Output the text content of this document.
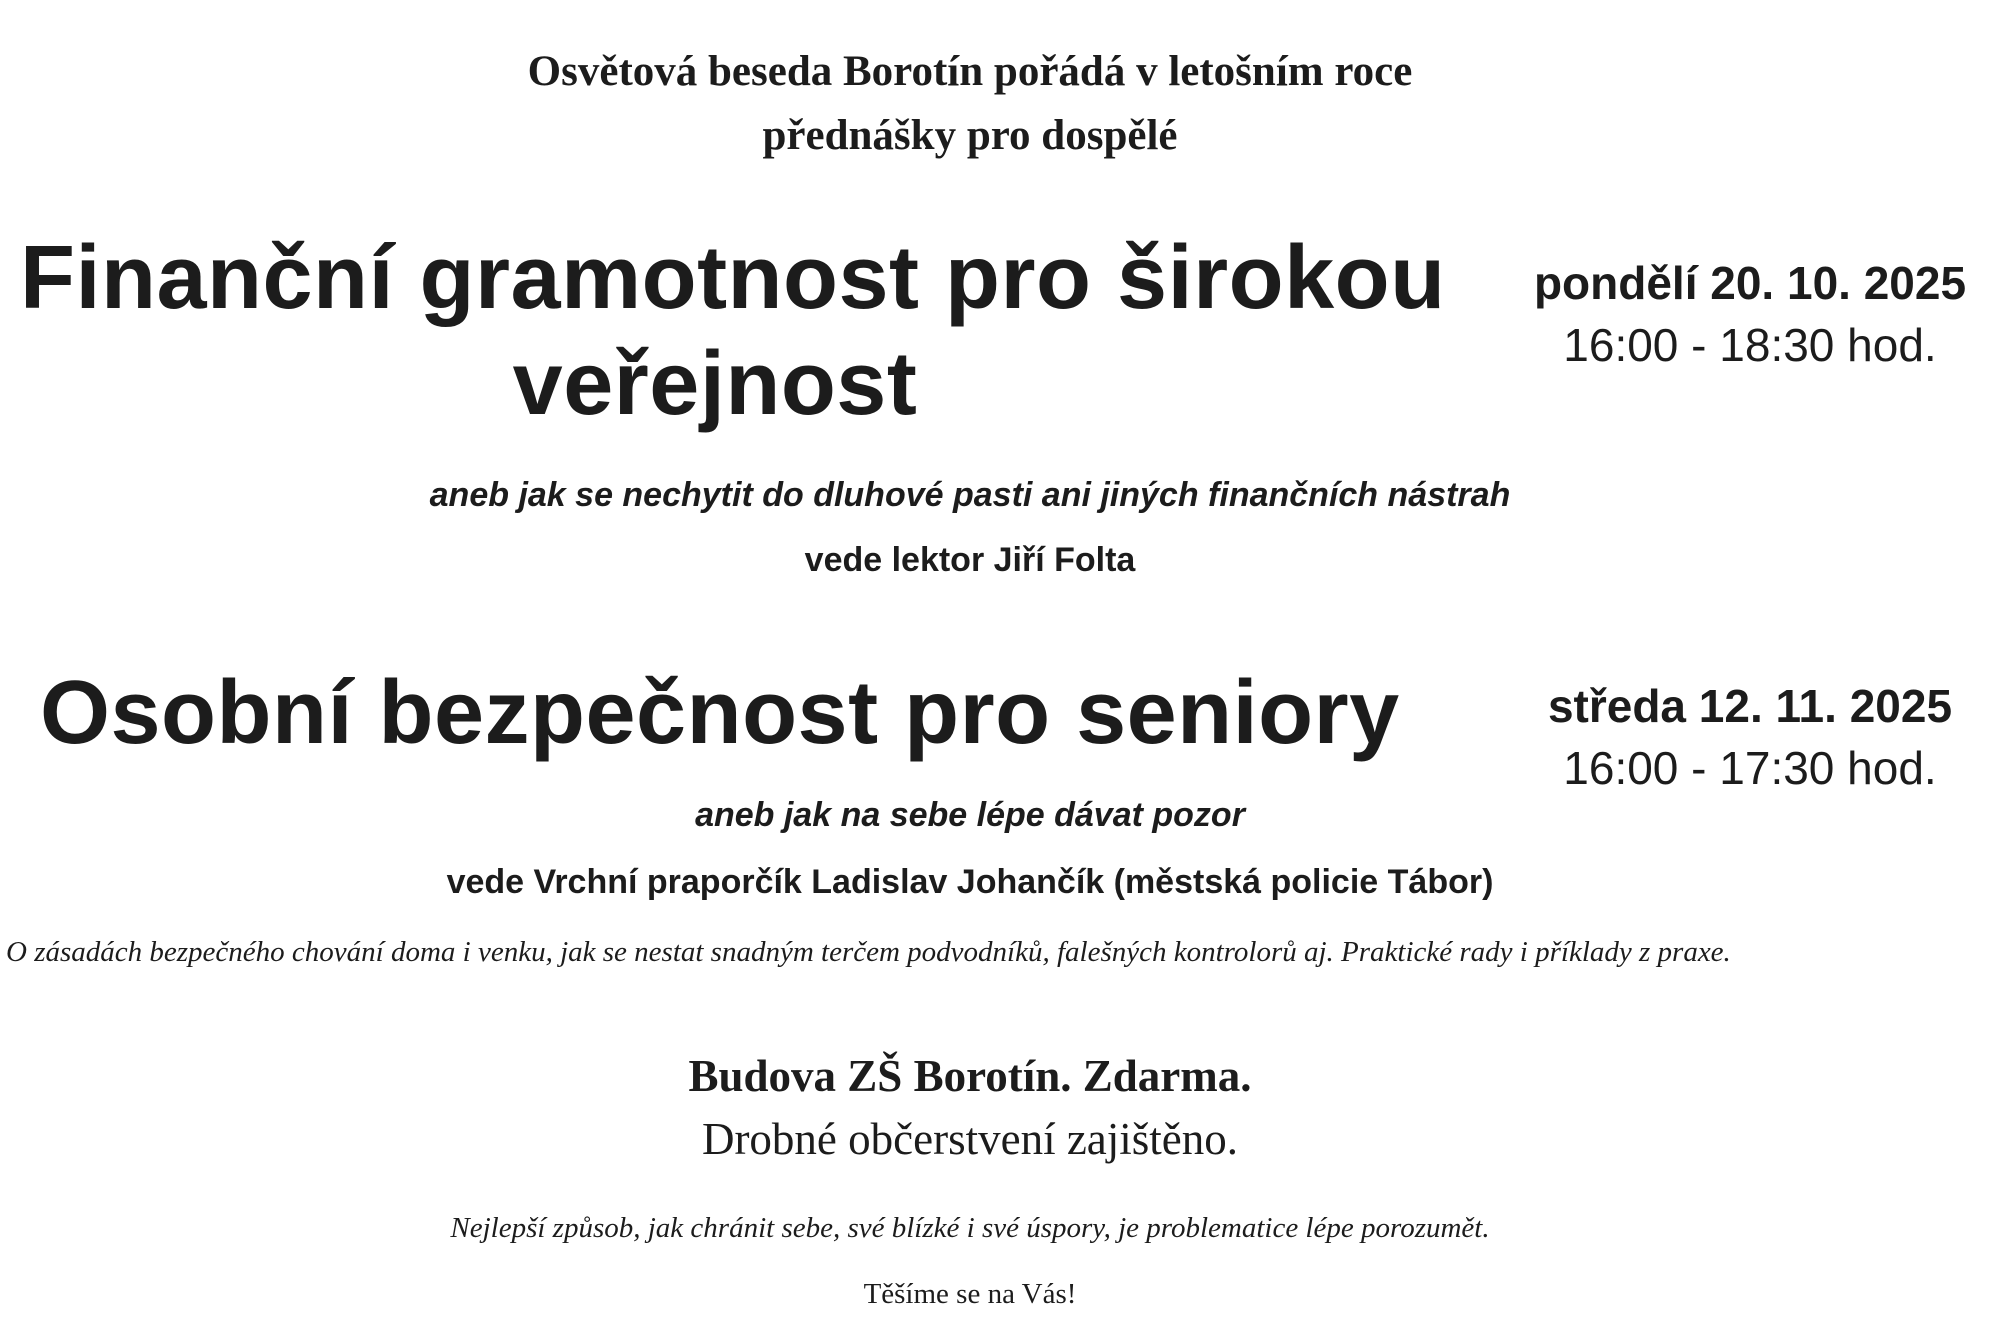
Osvětová beseda Borotín pořádá v letošním roce
přednášky pro dospělé
Finanční gramotnost pro širokou
veřejnost
pondělí 20. 10. 2025
16:00 - 18:30 hod.
aneb jak se nechytit do dluhové pasti ani jiných finančních nástrah
vede lektor Jiří Folta
Osobní bezpečnost pro seniory	středa 12. 11. 2025
16:00 - 17:30 hod.
aneb jak na sebe lépe dávat pozor
vede Vrchní praporčík Ladislav Johančík (městská policie Tábor)
O zásadách bezpečného chování doma i venku, jak se nestat snadným terčem podvodníků, falešných kontrolorů aj. Praktické rady i příklady z praxe.
Budova ZŠ Borotín. Zdarma.
Drobné občerstvení zajištěno.
Nejlepší způsob, jak chránit sebe, své blízké i své úspory, je problematice lépe porozumět.
Těšíme se na Vás!
